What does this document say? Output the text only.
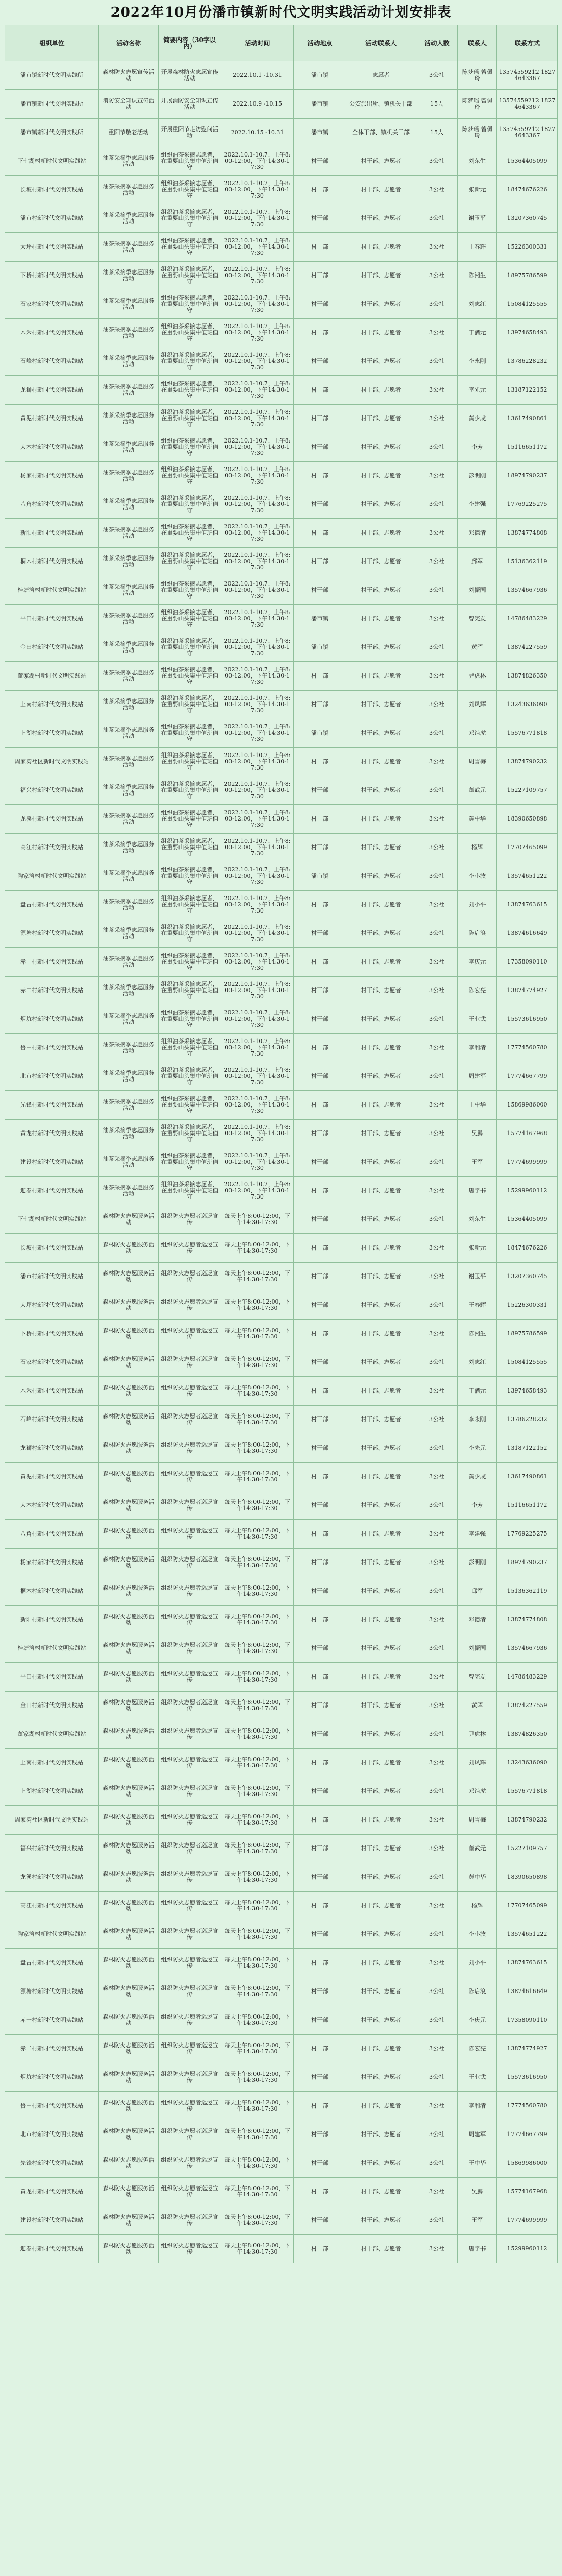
2022年10月份潘市镇新时代文明实践活动计划安排表
组织单位	活动名称	简要内容（30字以内）	活动时间	活动地点	活动联系人	活动人数	联系人	联系方式

潘市镇新时代文明实践所	森林防火志愿宣传活动	开展森林防火志愿宣传活动	2022.10.1 -10.31	潘市镇	志愿者	3公社	陈梦瑶 曾佩玲	13574559212 18274643367

潘市镇新时代文明实践所	消防安全知识宣传活动	开展消防安全知识宣传活动	2022.10.9 -10.15	潘市镇	公安派出所、镇机关干部	15人	陈梦瑶 曾佩玲	13574559212 18274643367

潘市镇新时代文明实践所	重阳节敬老活动	开展重阳节走访慰问活动	2022.10.15 -10.31	潘市镇	全体干部、镇机关干部	15人	陈梦瑶 曾佩玲	13574559212 18274643367

下七湖村新时代文明实践站	油茶采摘季志愿服务活动	组织油茶采摘志愿者，在重要山头集中值班值守	2022.10.1-10.7，上午8:00-12:00，下午14:30-17:30	村干部	村干部、志愿者	3公社	刘东生	15364405099

长坡村新时代文明实践站	油茶采摘季志愿服务活动	组织油茶采摘志愿者，在重要山头集中值班值守	2022.10.1-10.7，上午8:00-12:00，下午14:30-17:30	村干部	村干部、志愿者	3公社	张新元	18474676226

潘市村新时代文明实践站	油茶采摘季志愿服务活动	组织油茶采摘志愿者，在重要山头集中值班值守	2022.10.1-10.7，上午8:00-12:00，下午14:30-17:30	村干部	村干部、志愿者	3公社	谢玉平	13207360745

大坪村新时代文明实践站	油茶采摘季志愿服务活动	组织油茶采摘志愿者，在重要山头集中值班值守	2022.10.1-10.7，上午8:00-12:00，下午14:30-17:30	村干部	村干部、志愿者	3公社	王春辉	15226300331

下桥村新时代文明实践站	油茶采摘季志愿服务活动	组织油茶采摘志愿者，在重要山头集中值班值守	2022.10.1-10.7，上午8:00-12:00，下午14:30-17:30	村干部	村干部、志愿者	3公社	陈湘生	18975786599

石家村新时代文明实践站	油茶采摘季志愿服务活动	组织油茶采摘志愿者，在重要山头集中值班值守	2022.10.1-10.7，上午8:00-12:00，下午14:30-17:30	村干部	村干部、志愿者	3公社	刘志红	15084125555

木禾村新时代文明实践站	油茶采摘季志愿服务活动	组织油茶采摘志愿者，在重要山头集中值班值守	2022.10.1-10.7，上午8:00-12:00，下午14:30-17:30	村干部	村干部、志愿者	3公社	丁满元	13974658493

石峰村新时代文明实践站	油茶采摘季志愿服务活动	组织油茶采摘志愿者，在重要山头集中值班值守	2022.10.1-10.7，上午8:00-12:00，下午14:30-17:30	村干部	村干部、志愿者	3公社	李永刚	13786228232

龙狮村新时代文明实践站	油茶采摘季志愿服务活动	组织油茶采摘志愿者，在重要山头集中值班值守	2022.10.1-10.7，上午8:00-12:00，下午14:30-17:30	村干部	村干部、志愿者	3公社	李先元	13187122152

黄泥村新时代文明实践站	油茶采摘季志愿服务活动	组织油茶采摘志愿者，在重要山头集中值班值守	2022.10.1-10.7，上午8:00-12:00，下午14:30-17:30	村干部	村干部、志愿者	3公社	黄少成	13617490861

大木村新时代文明实践站	油茶采摘季志愿服务活动	组织油茶采摘志愿者，在重要山头集中值班值守	2022.10.1-10.7，上午8:00-12:00，下午14:30-17:30	村干部	村干部、志愿者	3公社	李芳	15116651172

杨家村新时代文明实践站	油茶采摘季志愿服务活动	组织油茶采摘志愿者，在重要山头集中值班值守	2022.10.1-10.7，上午8:00-12:00，下午14:30-17:30	村干部	村干部、志愿者	3公社	彭明刚	18974790237

八角村新时代文明实践站	油茶采摘季志愿服务活动	组织油茶采摘志愿者，在重要山头集中值班值守	2022.10.1-10.7，上午8:00-12:00，下午14:30-17:30	村干部	村干部、志愿者	3公社	李建强	17769225275

新阳村新时代文明实践站	油茶采摘季志愿服务活动	组织油茶采摘志愿者，在重要山头集中值班值守	2022.10.1-10.7，上午8:00-12:00，下午14:30-17:30	村干部	村干部、志愿者	3公社	邓德清	13874774808

桐木村新时代文明实践站	油茶采摘季志愿服务活动	组织油茶采摘志愿者，在重要山头集中值班值守	2022.10.1-10.7，上午8:00-12:00，下午14:30-17:30	村干部	村干部、志愿者	3公社	邱军	15136362119

桂塘湾村新时代文明实践站	油茶采摘季志愿服务活动	组织油茶采摘志愿者，在重要山头集中值班值守	2022.10.1-10.7，上午8:00-12:00，下午14:30-17:30	村干部	村干部、志愿者	3公社	刘振国	13574667936

平田村新时代文明实践站	油茶采摘季志愿服务活动	组织油茶采摘志愿者，在重要山头集中值班值守	2022.10.1-10.7，上午8:00-12:00，下午14:30-17:30	潘市镇	村干部、志愿者	3公社	曾宪发	14786483229

金田村新时代文明实践站	油茶采摘季志愿服务活动	组织油茶采摘志愿者，在重要山头集中值班值守	2022.10.1-10.7，上午8:00-12:00，下午14:30-17:30	潘市镇	村干部、志愿者	3公社	黄晖	13874227559

董家湖村新时代文明实践站	油茶采摘季志愿服务活动	组织油茶采摘志愿者，在重要山头集中值班值守	2022.10.1-10.7，上午8:00-12:00，下午14:30-17:30	村干部	村干部、志愿者	3公社	尹虎林	13874826350

上南村新时代文明实践站	油茶采摘季志愿服务活动	组织油茶采摘志愿者，在重要山头集中值班值守	2022.10.1-10.7，上午8:00-12:00，下午14:30-17:30	村干部	村干部、志愿者	3公社	刘凤辉	13243636090

上湖村新时代文明实践站	油茶采摘季志愿服务活动	组织油茶采摘志愿者，在重要山头集中值班值守	2022.10.1-10.7，上午8:00-12:00，下午14:30-17:30	潘市镇	村干部、志愿者	3公社	邓纯虎	15576771818

周家湾社区新时代文明实践站	油茶采摘季志愿服务活动	组织油茶采摘志愿者，在重要山头集中值班值守	2022.10.1-10.7，上午8:00-12:00，下午14:30-17:30	村干部	村干部、志愿者	3公社	周雪梅	13874790232

福兴村新时代文明实践站	油茶采摘季志愿服务活动	组织油茶采摘志愿者，在重要山头集中值班值守	2022.10.1-10.7，上午8:00-12:00，下午14:30-17:30	村干部	村干部、志愿者	3公社	董武元	15227109757

龙溪村新时代文明实践站	油茶采摘季志愿服务活动	组织油茶采摘志愿者，在重要山头集中值班值守	2022.10.1-10.7，上午8:00-12:00，下午14:30-17:30	村干部	村干部、志愿者	3公社	黄中华	18390650898

高江村新时代文明实践站	油茶采摘季志愿服务活动	组织油茶采摘志愿者，在重要山头集中值班值守	2022.10.1-10.7，上午8:00-12:00，下午14:30-17:30	村干部	村干部、志愿者	3公社	杨辉	17707465099

陶家湾村新时代文明实践站	油茶采摘季志愿服务活动	组织油茶采摘志愿者，在重要山头集中值班值守	2022.10.1-10.7，上午8:00-12:00，下午14:30-17:30	潘市镇	村干部、志愿者	3公社	李小波	13574651222

盘古村新时代文明实践站	油茶采摘季志愿服务活动	组织油茶采摘志愿者，在重要山头集中值班值守	2022.10.1-10.7，上午8:00-12:00，下午14:30-17:30	村干部	村干部、志愿者	3公社	刘小平	13874763615

源塘村新时代文明实践站	油茶采摘季志愿服务活动	组织油茶采摘志愿者，在重要山头集中值班值守	2022.10.1-10.7，上午8:00-12:00，下午14:30-17:30	村干部	村干部、志愿者	3公社	陈启浪	13874616649

赤一村新时代文明实践站	油茶采摘季志愿服务活动	组织油茶采摘志愿者，在重要山头集中值班值守	2022.10.1-10.7，上午8:00-12:00，下午14:30-17:30	村干部	村干部、志愿者	3公社	李庆元	17358090110

赤二村新时代文明实践站	油茶采摘季志愿服务活动	组织油茶采摘志愿者，在重要山头集中值班值守	2022.10.1-10.7，上午8:00-12:00，下午14:30-17:30	村干部	村干部、志愿者	3公社	陈宏亮	13874774927

烟坑村新时代文明实践站	油茶采摘季志愿服务活动	组织油茶采摘志愿者，在重要山头集中值班值守	2022.10.1-10.7，上午8:00-12:00，下午14:30-17:30	村干部	村干部、志愿者	3公社	王业武	15573616950

鲁中村新时代文明实践站	油茶采摘季志愿服务活动	组织油茶采摘志愿者，在重要山头集中值班值守	2022.10.1-10.7，上午8:00-12:00，下午14:30-17:30	村干部	村干部、志愿者	3公社	李利清	17774560780

北市村新时代文明实践站	油茶采摘季志愿服务活动	组织油茶采摘志愿者，在重要山头集中值班值守	2022.10.1-10.7，上午8:00-12:00，下午14:30-17:30	村干部	村干部、志愿者	3公社	周建军	17774667799

先锋村新时代文明实践站	油茶采摘季志愿服务活动	组织油茶采摘志愿者，在重要山头集中值班值守	2022.10.1-10.7，上午8:00-12:00，下午14:30-17:30	村干部	村干部、志愿者	3公社	王中华	15869986000

黄龙村新时代文明实践站	油茶采摘季志愿服务活动	组织油茶采摘志愿者，在重要山头集中值班值守	2022.10.1-10.7，上午8:00-12:00，下午14:30-17:30	村干部	村干部、志愿者	3公社	吴鹏	15774167968

建设村新时代文明实践站	油茶采摘季志愿服务活动	组织油茶采摘志愿者，在重要山头集中值班值守	2022.10.1-10.7，上午8:00-12:00，下午14:30-17:30	村干部	村干部、志愿者	3公社	王军	17774699999

迎春村新时代文明实践站	油茶采摘季志愿服务活动	组织油茶采摘志愿者，在重要山头集中值班值守	2022.10.1-10.7，上午8:00-12:00，下午14:30-17:30	村干部	村干部、志愿者	3公社	唐学书	15299960112

下七湖村新时代文明实践站	森林防火志愿服务活动	组织防火志愿者巡逻宣传	每天上午8:00-12:00，下午14:30-17:30	村干部	村干部、志愿者	3公社	刘东生	15364405099

长坡村新时代文明实践站	森林防火志愿服务活动	组织防火志愿者巡逻宣传	每天上午8:00-12:00，下午14:30-17:30	村干部	村干部、志愿者	3公社	张新元	18474676226

潘市村新时代文明实践站	森林防火志愿服务活动	组织防火志愿者巡逻宣传	每天上午8:00-12:00，下午14:30-17:30	村干部	村干部、志愿者	3公社	谢玉平	13207360745

大坪村新时代文明实践站	森林防火志愿服务活动	组织防火志愿者巡逻宣传	每天上午8:00-12:00，下午14:30-17:30	村干部	村干部、志愿者	3公社	王春辉	15226300331

下桥村新时代文明实践站	森林防火志愿服务活动	组织防火志愿者巡逻宣传	每天上午8:00-12:00，下午14:30-17:30	村干部	村干部、志愿者	3公社	陈湘生	18975786599

石家村新时代文明实践站	森林防火志愿服务活动	组织防火志愿者巡逻宣传	每天上午8:00-12:00，下午14:30-17:30	村干部	村干部、志愿者	3公社	刘志红	15084125555

木禾村新时代文明实践站	森林防火志愿服务活动	组织防火志愿者巡逻宣传	每天上午8:00-12:00，下午14:30-17:30	村干部	村干部、志愿者	3公社	丁满元	13974658493

石峰村新时代文明实践站	森林防火志愿服务活动	组织防火志愿者巡逻宣传	每天上午8:00-12:00，下午14:30-17:30	村干部	村干部、志愿者	3公社	李永刚	13786228232

龙狮村新时代文明实践站	森林防火志愿服务活动	组织防火志愿者巡逻宣传	每天上午8:00-12:00，下午14:30-17:30	村干部	村干部、志愿者	3公社	李先元	13187122152

黄泥村新时代文明实践站	森林防火志愿服务活动	组织防火志愿者巡逻宣传	每天上午8:00-12:00，下午14:30-17:30	村干部	村干部、志愿者	3公社	黄少成	13617490861

大木村新时代文明实践站	森林防火志愿服务活动	组织防火志愿者巡逻宣传	每天上午8:00-12:00，下午14:30-17:30	村干部	村干部、志愿者	3公社	李芳	15116651172

八角村新时代文明实践站	森林防火志愿服务活动	组织防火志愿者巡逻宣传	每天上午8:00-12:00，下午14:30-17:30	村干部	村干部、志愿者	3公社	李建强	17769225275

杨家村新时代文明实践站	森林防火志愿服务活动	组织防火志愿者巡逻宣传	每天上午8:00-12:00，下午14:30-17:30	村干部	村干部、志愿者	3公社	彭明刚	18974790237

桐木村新时代文明实践站	森林防火志愿服务活动	组织防火志愿者巡逻宣传	每天上午8:00-12:00，下午14:30-17:30	村干部	村干部、志愿者	3公社	邱军	15136362119

新阳村新时代文明实践站	森林防火志愿服务活动	组织防火志愿者巡逻宣传	每天上午8:00-12:00，下午14:30-17:30	村干部	村干部、志愿者	3公社	邓德清	13874774808

桂塘湾村新时代文明实践站	森林防火志愿服务活动	组织防火志愿者巡逻宣传	每天上午8:00-12:00，下午14:30-17:30	村干部	村干部、志愿者	3公社	刘振国	13574667936

平田村新时代文明实践站	森林防火志愿服务活动	组织防火志愿者巡逻宣传	每天上午8:00-12:00，下午14:30-17:30	村干部	村干部、志愿者	3公社	曾宪发	14786483229

金田村新时代文明实践站	森林防火志愿服务活动	组织防火志愿者巡逻宣传	每天上午8:00-12:00，下午14:30-17:30	村干部	村干部、志愿者	3公社	黄晖	13874227559

董家湖村新时代文明实践站	森林防火志愿服务活动	组织防火志愿者巡逻宣传	每天上午8:00-12:00，下午14:30-17:30	村干部	村干部、志愿者	3公社	尹虎林	13874826350

上南村新时代文明实践站	森林防火志愿服务活动	组织防火志愿者巡逻宣传	每天上午8:00-12:00，下午14:30-17:30	村干部	村干部、志愿者	3公社	刘凤辉	13243636090

上湖村新时代文明实践站	森林防火志愿服务活动	组织防火志愿者巡逻宣传	每天上午8:00-12:00，下午14:30-17:30	村干部	村干部、志愿者	3公社	邓纯虎	15576771818

周家湾社区新时代文明实践站	森林防火志愿服务活动	组织防火志愿者巡逻宣传	每天上午8:00-12:00，下午14:30-17:30	村干部	村干部、志愿者	3公社	周雪梅	13874790232

福兴村新时代文明实践站	森林防火志愿服务活动	组织防火志愿者巡逻宣传	每天上午8:00-12:00，下午14:30-17:30	村干部	村干部、志愿者	3公社	董武元	15227109757

龙溪村新时代文明实践站	森林防火志愿服务活动	组织防火志愿者巡逻宣传	每天上午8:00-12:00，下午14:30-17:30	村干部	村干部、志愿者	3公社	黄中华	18390650898

高江村新时代文明实践站	森林防火志愿服务活动	组织防火志愿者巡逻宣传	每天上午8:00-12:00，下午14:30-17:30	村干部	村干部、志愿者	3公社	杨辉	17707465099

陶家湾村新时代文明实践站	森林防火志愿服务活动	组织防火志愿者巡逻宣传	每天上午8:00-12:00，下午14:30-17:30	村干部	村干部、志愿者	3公社	李小波	13574651222

盘古村新时代文明实践站	森林防火志愿服务活动	组织防火志愿者巡逻宣传	每天上午8:00-12:00，下午14:30-17:30	村干部	村干部、志愿者	3公社	刘小平	13874763615

源塘村新时代文明实践站	森林防火志愿服务活动	组织防火志愿者巡逻宣传	每天上午8:00-12:00，下午14:30-17:30	村干部	村干部、志愿者	3公社	陈启浪	13874616649

赤一村新时代文明实践站	森林防火志愿服务活动	组织防火志愿者巡逻宣传	每天上午8:00-12:00，下午14:30-17:30	村干部	村干部、志愿者	3公社	李庆元	17358090110

赤二村新时代文明实践站	森林防火志愿服务活动	组织防火志愿者巡逻宣传	每天上午8:00-12:00，下午14:30-17:30	村干部	村干部、志愿者	3公社	陈宏亮	13874774927

烟坑村新时代文明实践站	森林防火志愿服务活动	组织防火志愿者巡逻宣传	每天上午8:00-12:00，下午14:30-17:30	村干部	村干部、志愿者	3公社	王业武	15573616950

鲁中村新时代文明实践站	森林防火志愿服务活动	组织防火志愿者巡逻宣传	每天上午8:00-12:00，下午14:30-17:30	村干部	村干部、志愿者	3公社	李利清	17774560780

北市村新时代文明实践站	森林防火志愿服务活动	组织防火志愿者巡逻宣传	每天上午8:00-12:00，下午14:30-17:30	村干部	村干部、志愿者	3公社	周建军	17774667799

先锋村新时代文明实践站	森林防火志愿服务活动	组织防火志愿者巡逻宣传	每天上午8:00-12:00，下午14:30-17:30	村干部	村干部、志愿者	3公社	王中华	15869986000

黄龙村新时代文明实践站	森林防火志愿服务活动	组织防火志愿者巡逻宣传	每天上午8:00-12:00，下午14:30-17:30	村干部	村干部、志愿者	3公社	吴鹏	15774167968

建设村新时代文明实践站	森林防火志愿服务活动	组织防火志愿者巡逻宣传	每天上午8:00-12:00，下午14:30-17:30	村干部	村干部、志愿者	3公社	王军	17774699999

迎春村新时代文明实践站	森林防火志愿服务活动	组织防火志愿者巡逻宣传	每天上午8:00-12:00，下午14:30-17:30	村干部	村干部、志愿者	3公社	唐学书	15299960112
